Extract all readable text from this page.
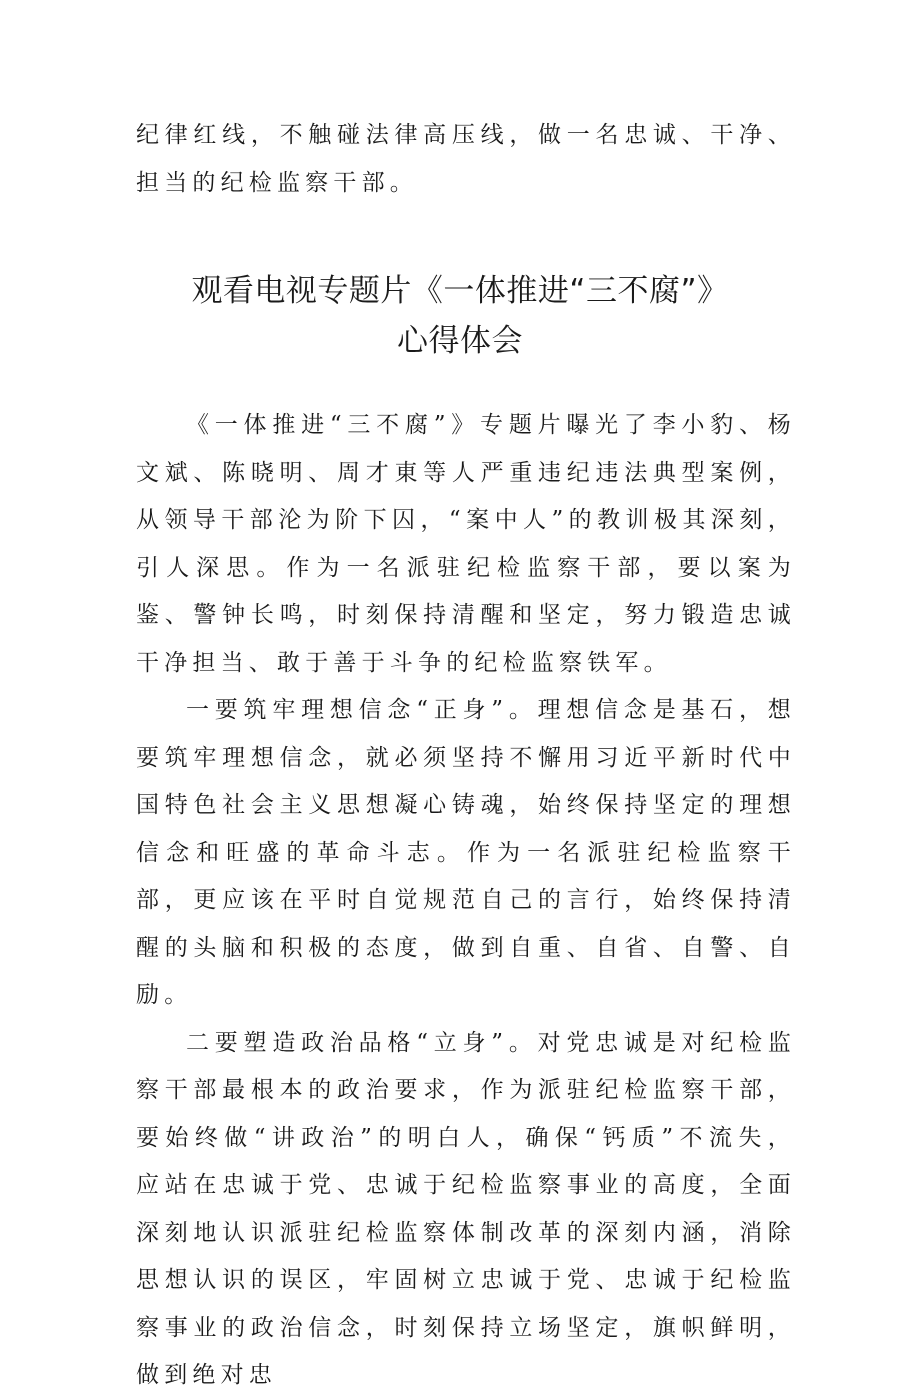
纪律红线，不触碰法律高压线，做一名忠诚、干净、担当的纪检监察干部。

观看电视专题片《一体推进“三不腐”》
心得体会

《一体推进“三不腐”》专题片曝光了李小豹、杨文斌、陈晓明、周才東等人严重违纪违法典型案例，从领导干部沦为阶下囚，“案中人”的教训极其深刻，引人深思。作为一名派驻纪检监察干部，要以案为鉴、警钟长鸣，时刻保持清醒和坚定，努力锻造忠诚干净担当、敢于善于斗争的纪检监察铁军。

一要筑牢理想信念“正身”。理想信念是基石，想要筑牢理想信念，就必须坚持不懈用习近平新时代中国特色社会主义思想凝心铸魂，始终保持坚定的理想信念和旺盛的革命斗志。作为一名派驻纪检监察干部，更应该在平时自觉规范自己的言行，始终保持清醒的头脑和积极的态度，做到自重、自省、自警、自励。

二要塑造政治品格“立身”。对党忠诚是对纪检监察干部最根本的政治要求，作为派驻纪检监察干部，要始终做“讲政治”的明白人，确保“钙质”不流失，应站在忠诚于党、忠诚于纪检监察事业的高度，全面深刻地认识派驻纪检监察体制改革的深刻内涵，消除思想认识的误区，牢固树立忠诚于党、忠诚于纪检监察事业的政治信念，时刻保持立场坚定，旗帜鲜明，做到绝对忠
